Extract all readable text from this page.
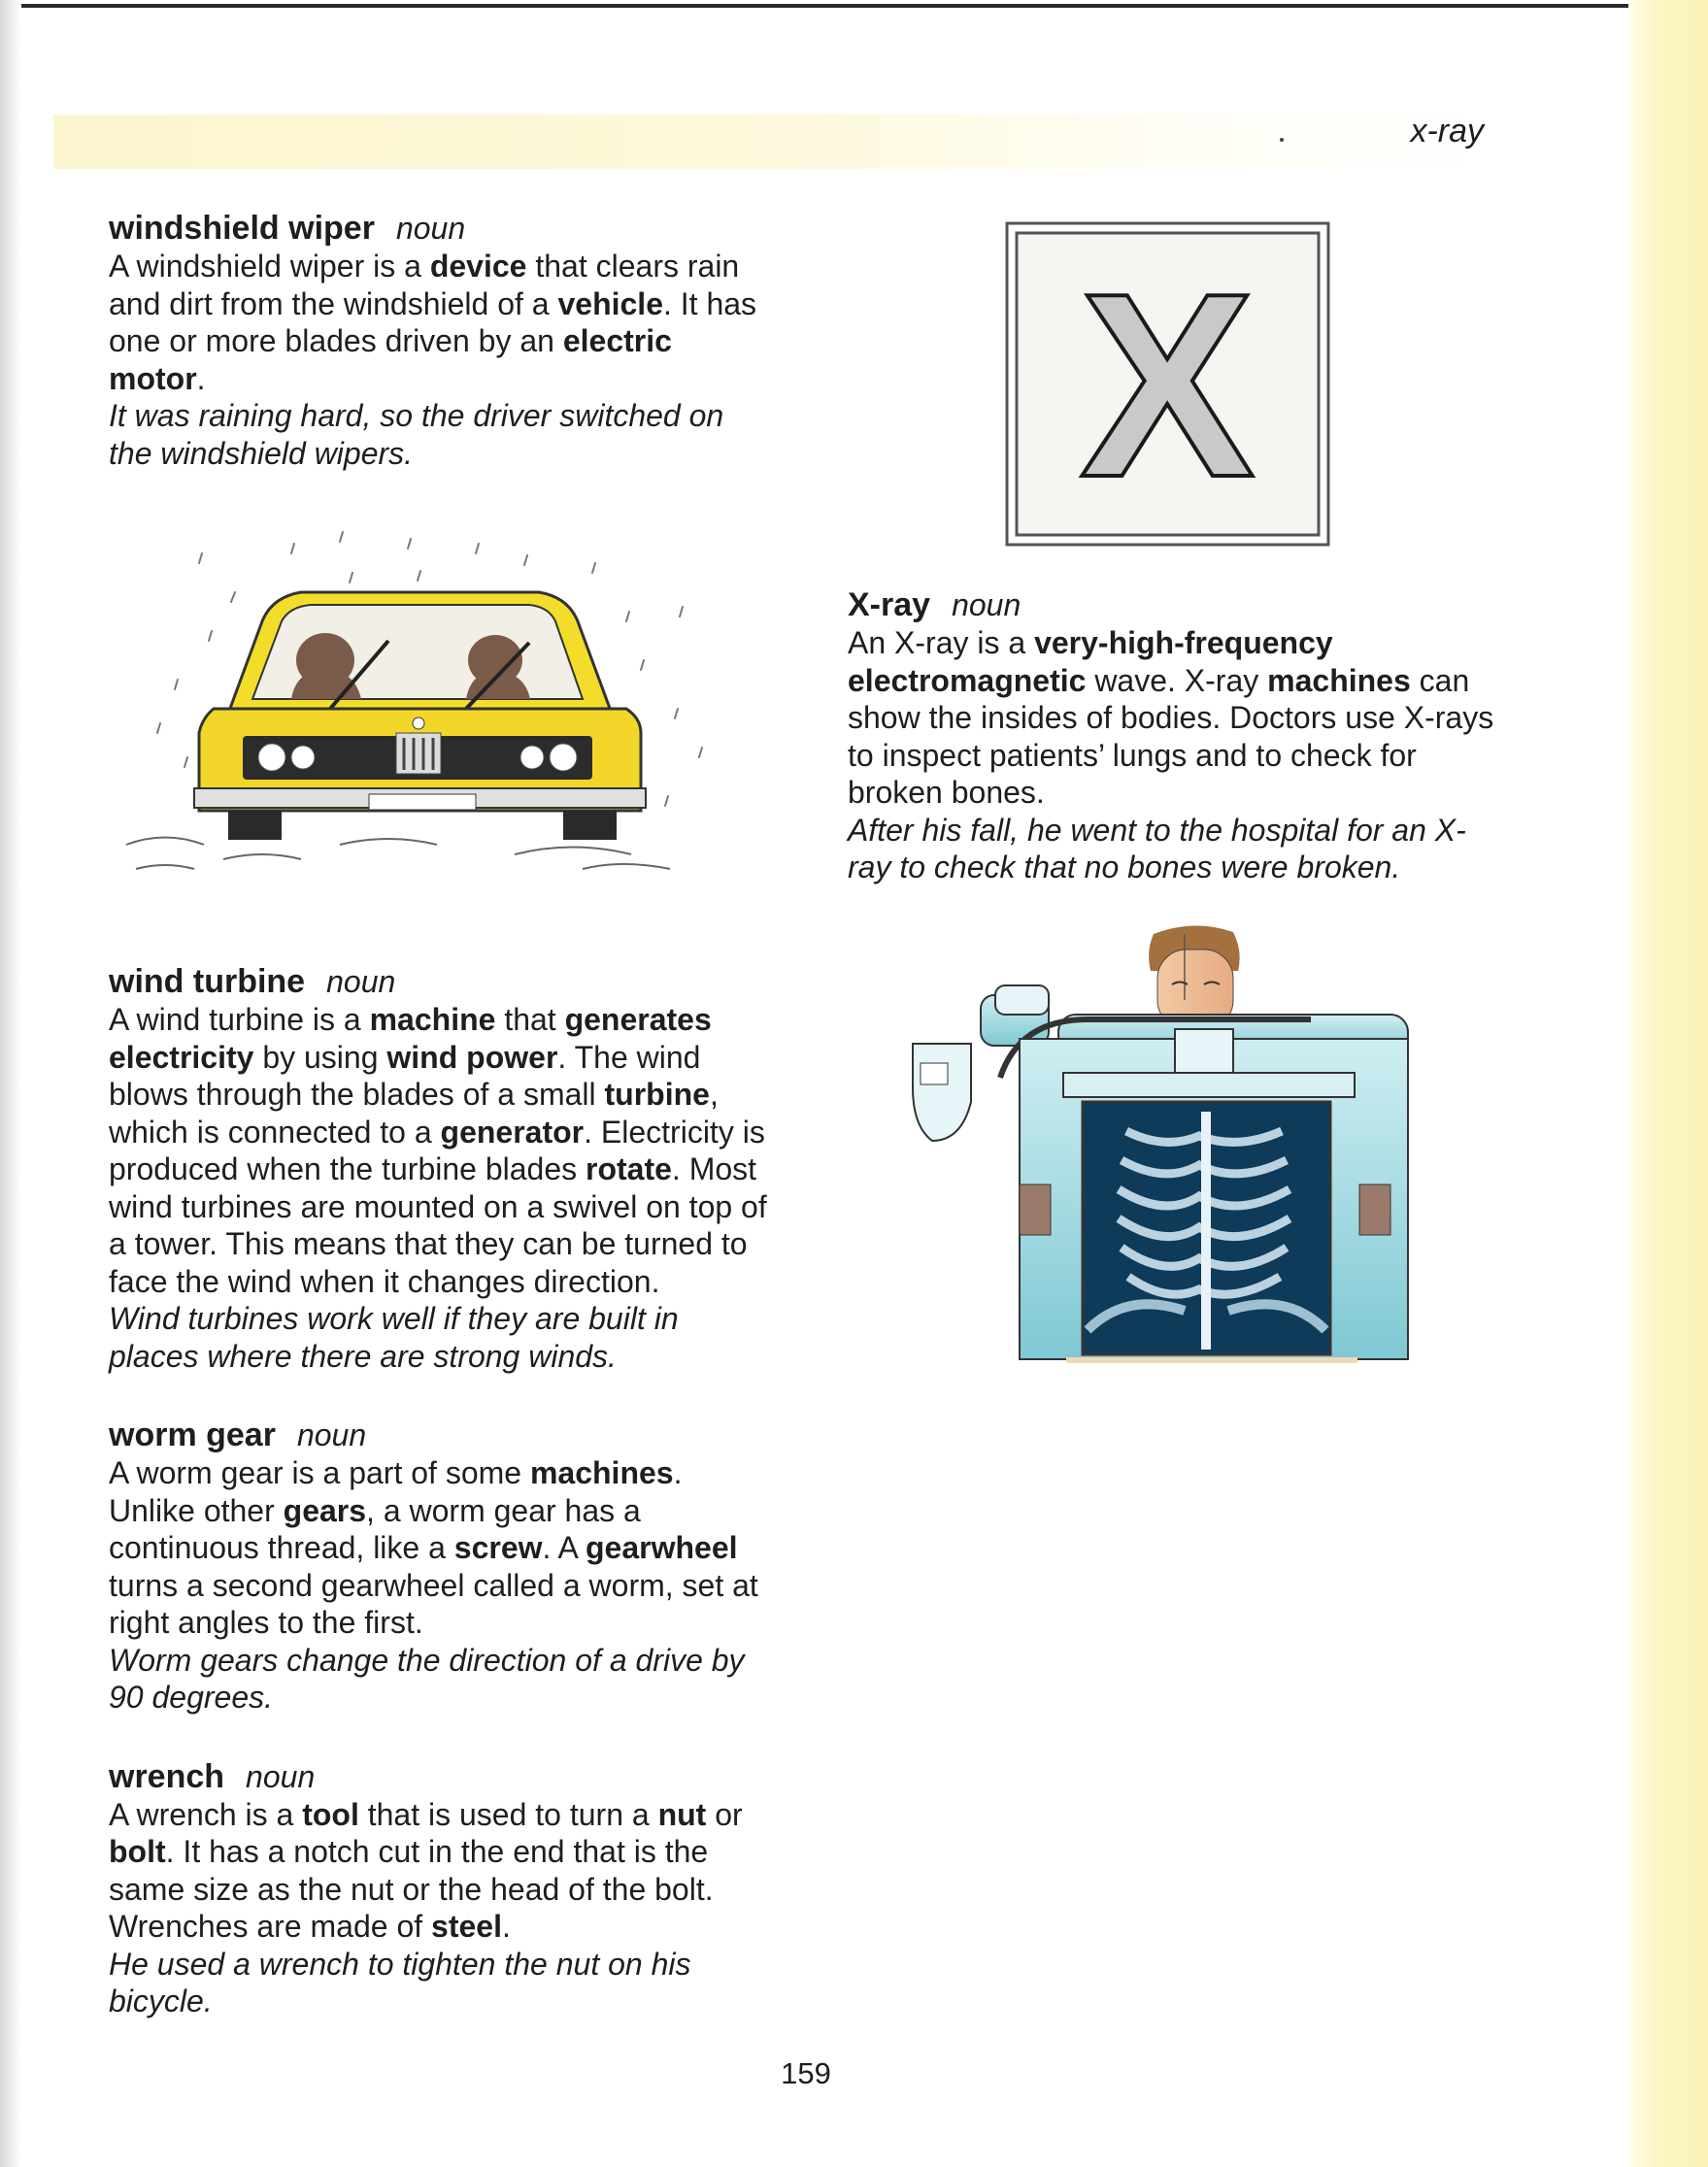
x-ray
windshield wiper noun
A windshield wiper is a device that clears rain and dirt from the windshield of a vehicle. It has one or more blades driven by an electric motor.
It was raining hard, so the driver switched on the windshield wipers.
wind turbine noun
A wind turbine is a machine that generates electricity by using wind power. The wind blows through the blades of a small turbine, which is connected to a generator. Electricity is produced when the turbine blades rotate. Most wind turbines are mounted on a swivel on top of a tower. This means that they can be turned to face the wind when it changes direction.
Wind turbines work well if they are built in places where there are strong winds.
worm gear noun
A worm gear is a part of some machines. Unlike other gears, a worm gear has a continuous thread, like a screw. A gearwheel turns a second gearwheel called a worm, set at right angles to the first.
Worm gears change the direction of a drive by 90 degrees.
wrench noun
A wrench is a tool that is used to turn a nut or bolt. It has a notch cut in the end that is the same size as the nut or the head of the bolt. Wrenches are made of steel.
He used a wrench to tighten the nut on his bicycle.
X-ray noun
An X-ray is a very-high-frequency electromagnetic wave. X-ray machines can show the insides of bodies. Doctors use X-rays to inspect patients’ lungs and to check for broken bones.
After his fall, he went to the hospital for an X-ray to check that no bones were broken.
X
159
